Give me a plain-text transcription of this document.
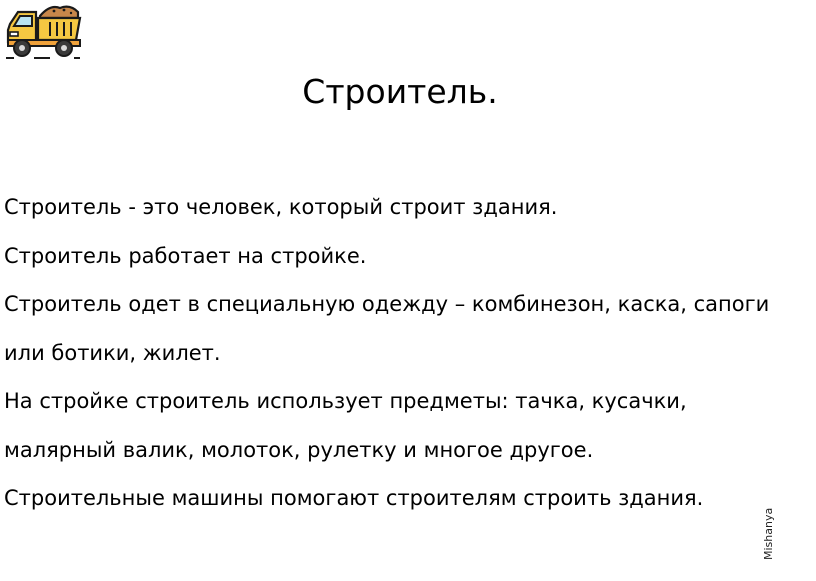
Строитель.
Строитель - это человек, который строит здания.
Строитель работает на стройке.
Строитель одет в специальную одежду – комбинезон, каска, сапоги
или ботики, жилет.
На стройке строитель использует предметы: тачка, кусачки,
малярный валик, молоток, рулетку и многое другое.
Строительные машины помогают строителям строить здания.
Mishanya
